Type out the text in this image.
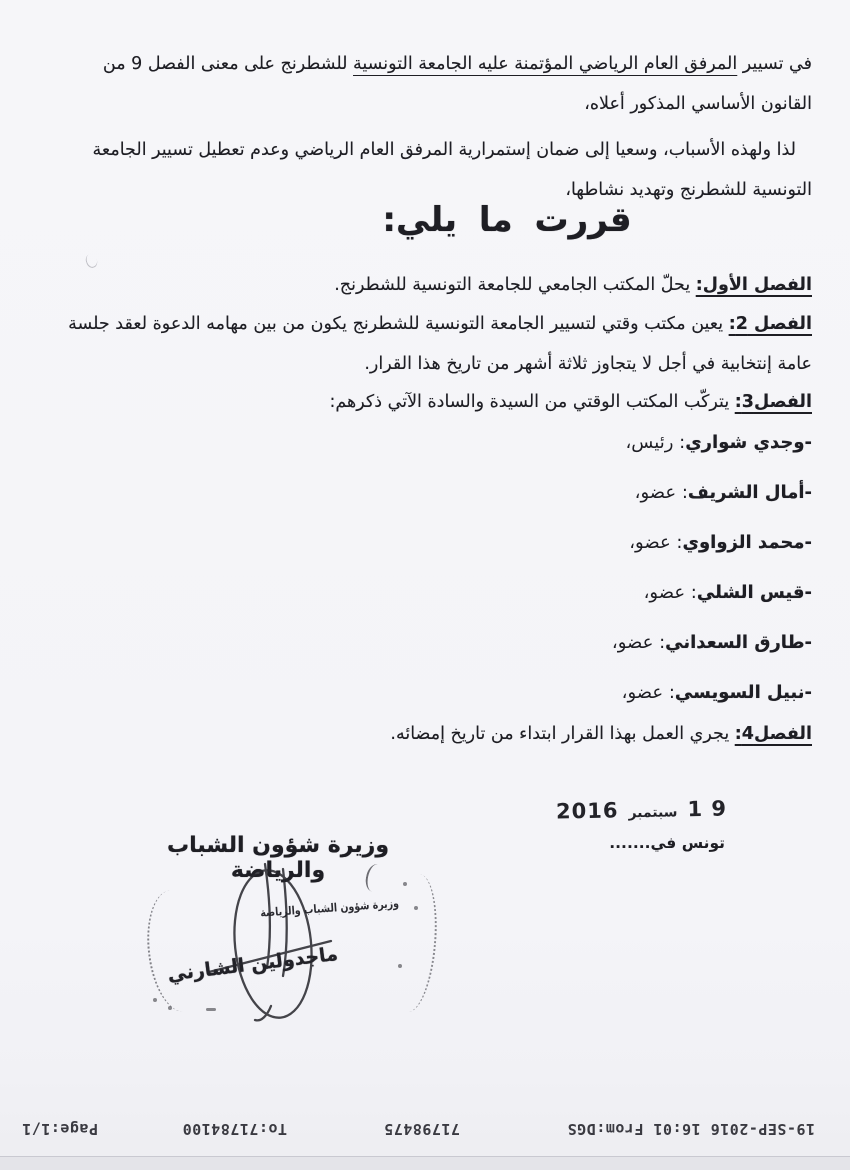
في تسيير المرفق العام الرياضي المؤتمنة عليه الجامعة التونسية للشطرنج على معنى الفصل 9 من
القانون الأساسي المذكور أعلاه،
لذا ولهذه الأسباب، وسعيا إلى ضمان إستمرارية المرفق العام الرياضي وعدم تعطيل تسيير الجامعة
التونسية للشطرنج وتهديد نشاطها،
قررت ما يلي:
الفصل الأول: يحلّ المكتب الجامعي للجامعة التونسية للشطرنج.
الفصل 2: يعين مكتب وقتي لتسيير الجامعة التونسية للشطرنج يكون من بين مهامه الدعوة لعقد جلسة
عامة إنتخابية في أجل لا يتجاوز ثلاثة أشهر من تاريخ هذا القرار.
الفصل3: يتركّب المكتب الوقتي من السيدة والسادة الآتي ذكرهم:
-وجدي شواري: رئيس،
-أمال الشريف: عضو،
-محمد الزواوي: عضو،
-قيس الشلي: عضو،
-طارق السعداني: عضو،
-نبيل السويسي: عضو،
الفصل4: يجري العمل بهذا القرار ابتداء من تاريخ إمضائه.
2016 سبتمبر 1 9
تونس في.......
وزيرة شؤون الشباب والرياضة
وزيرة شؤون الشباب والرياضة
ماجدولين الشارني
19-SEP-2016 16:01 From:DGS
71798475
To:71784100
Page:1/1
